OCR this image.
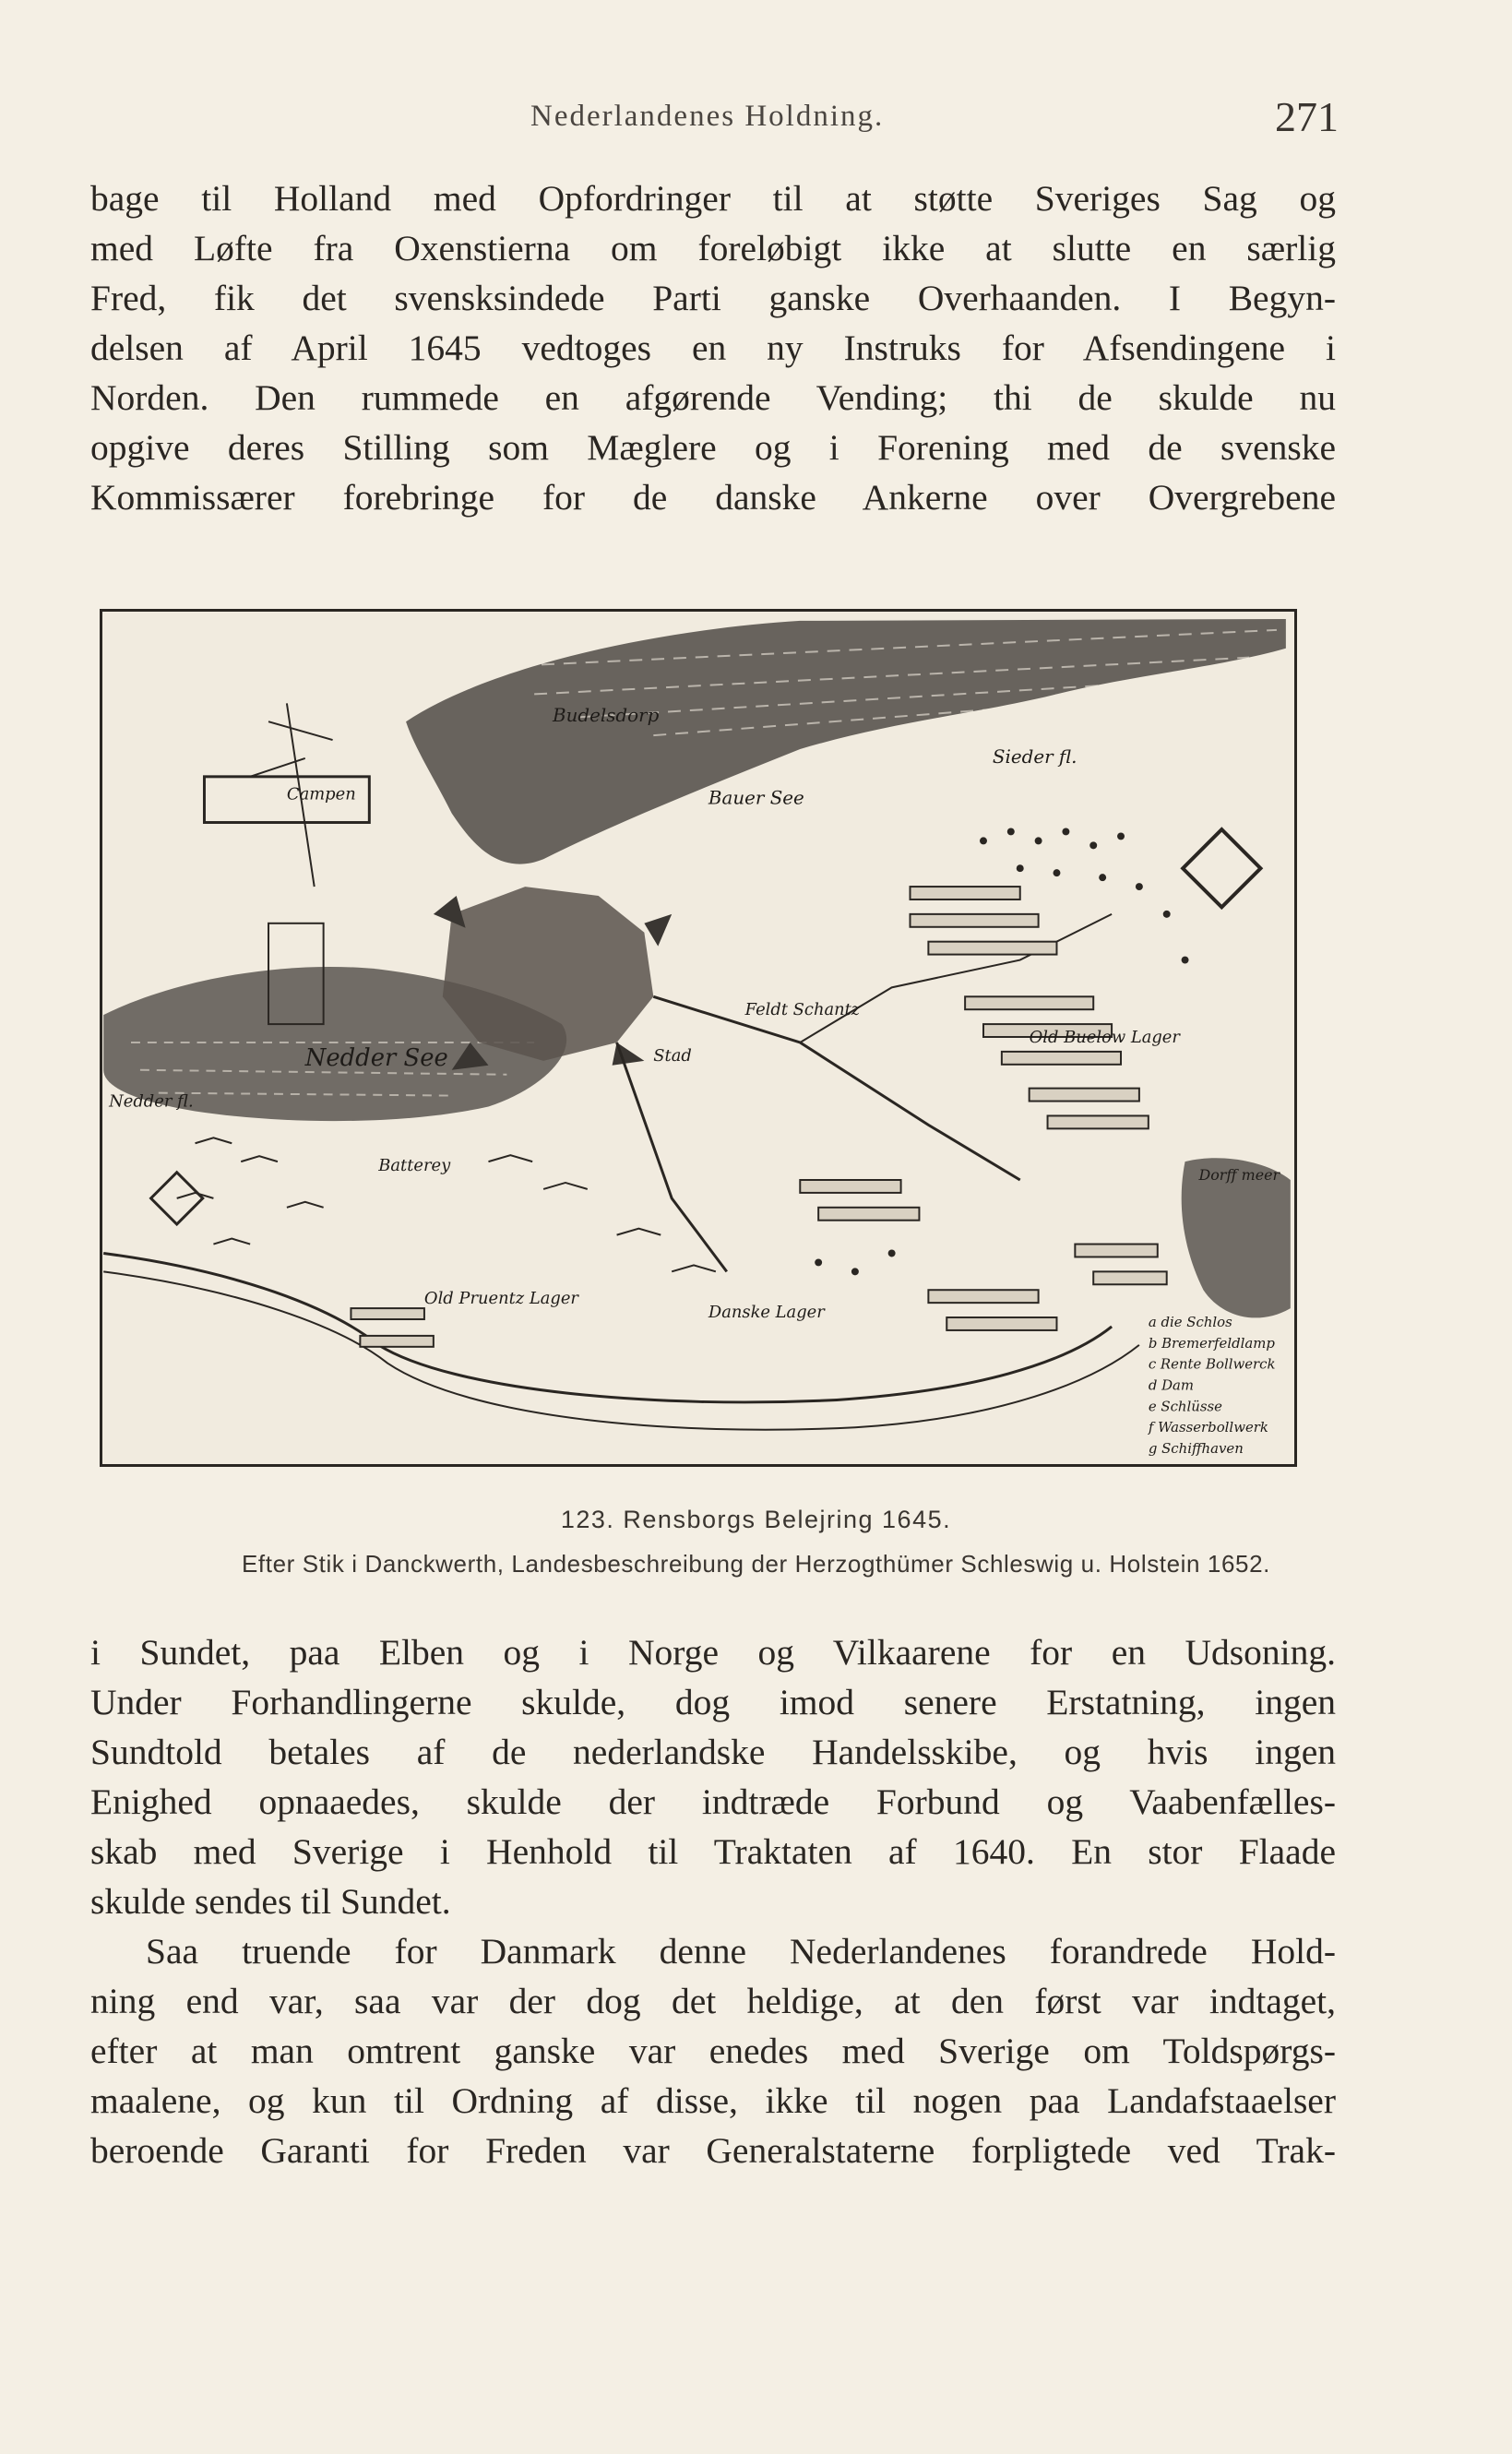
Nederlandenes Holdning.	271
bage til Holland med Opfordringer til at støtte Sveriges Sag og
med Løfte fra Oxenstierna om foreløbigt ikke at slutte en særlig
Fred, fik det svensksindede Parti ganske Overhaanden. I Begyn-
delsen af April 1645 vedtoges en ny Instruks for Afsendingene i
Norden. Den rummede en afgørende Vending; thi de skulde nu
opgive deres Stilling som Mæglere og i Forening med de svenske
Kommissærer forebringe for de danske Ankerne over Overgrebene
Budelsdorp
Campen	Bauer See
Sieder fl.
Nedder See
Nedder fl.
Batterey
Old Pruentz Lager
Danske Lager
Feldt Schantz
Stad
Old Buelow Lager
Dorff meer
a die Schlos
b Bremerfeldlamp
c Rente Bollwerck
d Dam
e Schlüsse
f Wasserbollwerk
g Schiffhaven
123. Rensborgs Belejring 1645.
Efter Stik i Danckwerth, Landesbeschreibung der Herzogthümer Schleswig u. Holstein 1652.
i Sundet, paa Elben og i Norge og Vilkaarene for en Udsoning.
Under Forhandlingerne skulde, dog imod senere Erstatning, ingen
Sundtold betales af de nederlandske Handelsskibe, og hvis ingen
Enighed opnaaedes, skulde der indtræde Forbund og Vaabenfælles-
skab med Sverige i Henhold til Traktaten af 1640. En stor Flaade
skulde sendes til Sundet.
Saa truende for Danmark denne Nederlandenes forandrede Hold-
ning end var, saa var der dog det heldige, at den først var indtaget,
efter at man omtrent ganske var enedes med Sverige om Toldspørgs-
maalene, og kun til Ordning af disse, ikke til nogen paa Landafstaaelser
beroende Garanti for Freden var Generalstaterne forpligtede ved Trak-
